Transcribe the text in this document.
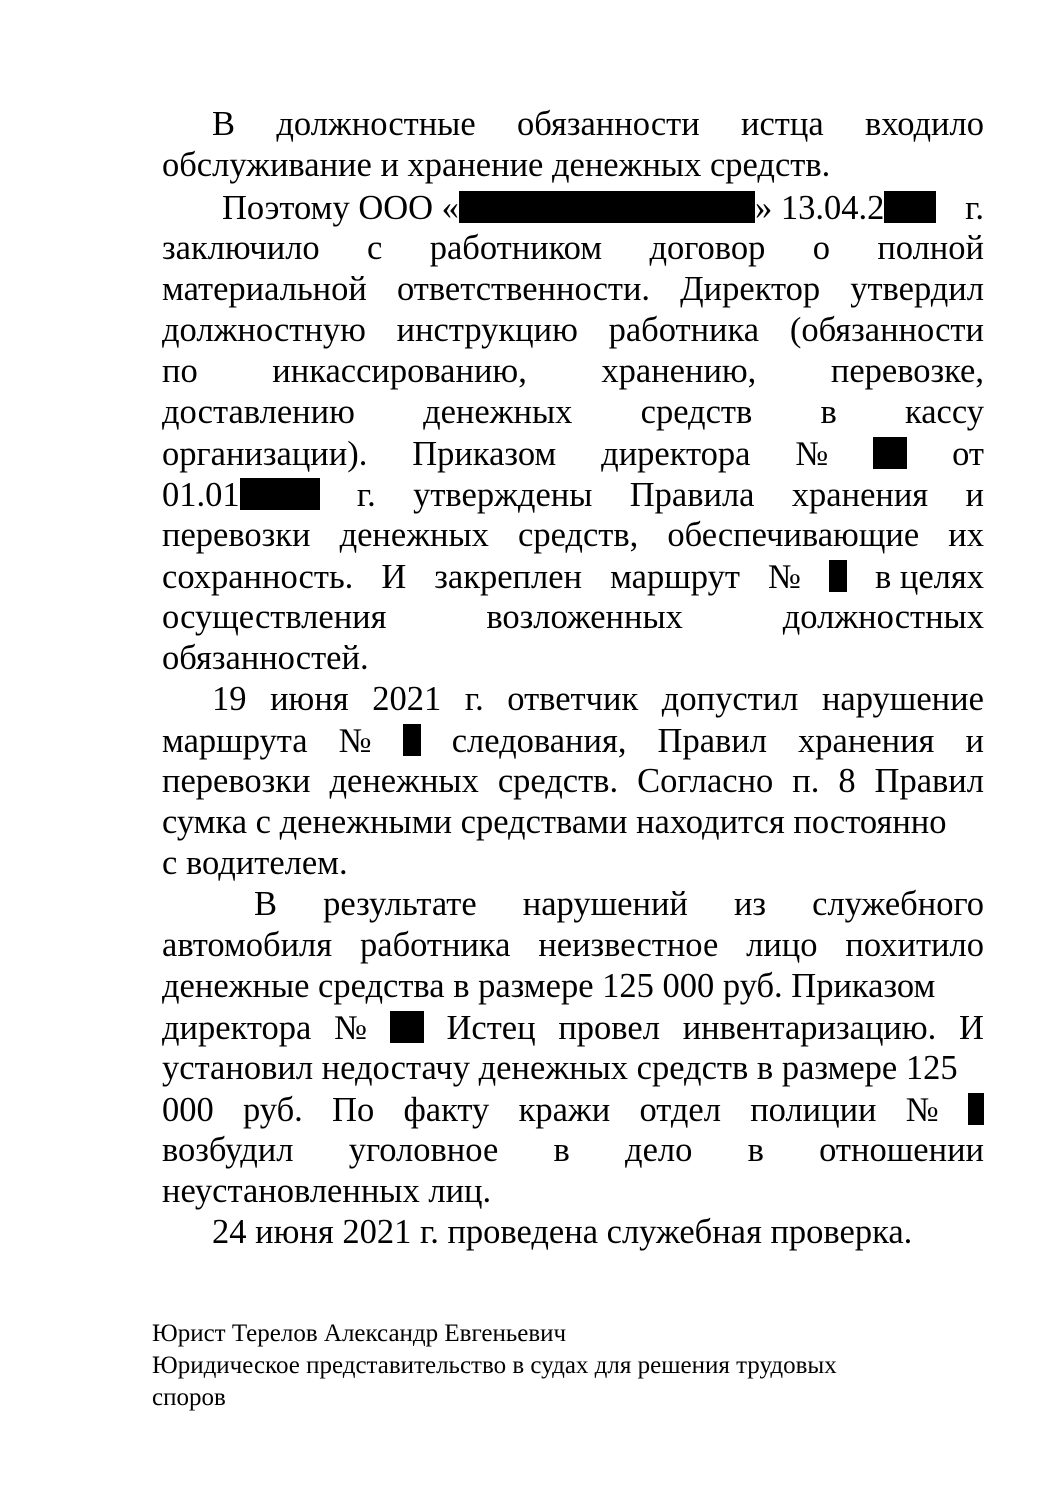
В должностные обязанности истца входило
обслуживание и хранение денежных средств.
Поэтому ООО «	» 13.04.2 г.
заключило с работником договор о полной
материальной ответственности. Директор утвердил
должностную инструкцию работника (обязанности
по инкассированию, хранению, перевозке,
доставлению денежных средств в кассу
организации). Приказом директора №	от
01.01	г. утверждены Правила хранения и
перевозки денежных средств, обеспечивающие их
сохранность. И закреплен маршрут № в целях
осуществления	возложенных	должностных
обязанностей.
19 июня 2021 г. ответчик допустил нарушение
маршрута № следования, Правил хранения и
перевозки денежных средств. Согласно п. 8 Правил
сумка с денежными средствами находится постоянно
с водителем.
В результате нарушений из служебного
автомобиля работника неизвестное лицо похитило
денежные средства в размере 125 000 руб. Приказом
директора № Истец провел инвентаризацию. И
установил недостачу денежных средств в размере 125
000 руб. По факту кражи отдел полиции №
возбудил уголовное в дело в отношении
неустановленных лиц.
24 июня 2021 г. проведена служебная проверка.
Юрист Терелов Александр Евгеньевич
Юридическое представительство в судах для решения трудовых
споров
